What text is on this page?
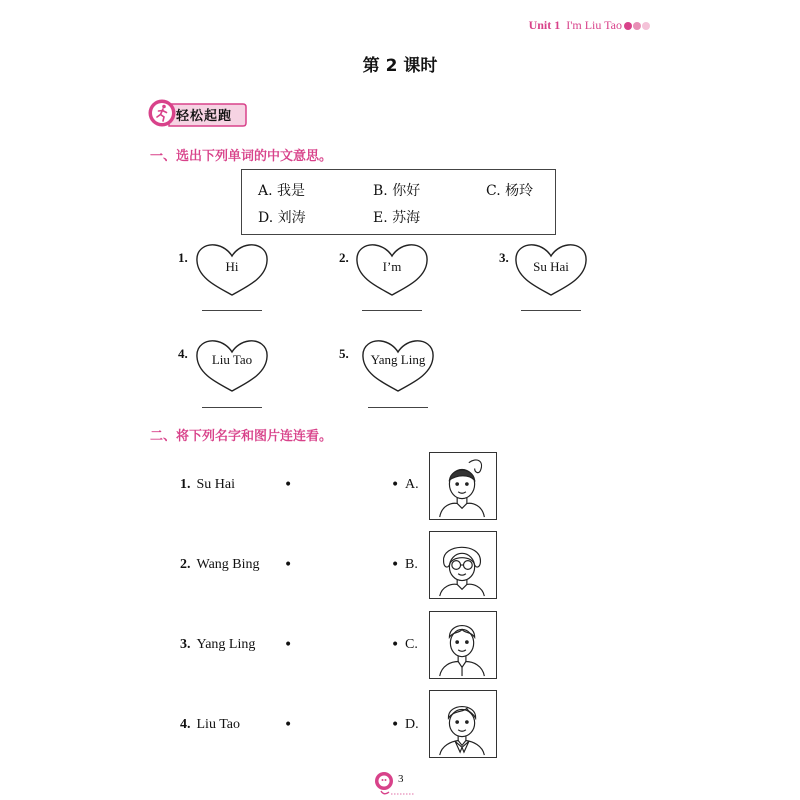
Unit 1 I'm Liu Tao
第 2 课时
轻松起跑
一、选出下列单词的中文意思。
A. 我是	B. 你好	C. 杨玲
D. 刘涛	E. 苏海
1.
Hi
2.
I’m
3.
Su Hai
4.	Liu Tao	5.	Yang Ling
二、将下列名字和图片连连看。
1. Su Hai	•	• A.
2. Wang Bing •	• B.
3. Yang Ling •	• C.
4. Liu Tao	•	• D.
3
